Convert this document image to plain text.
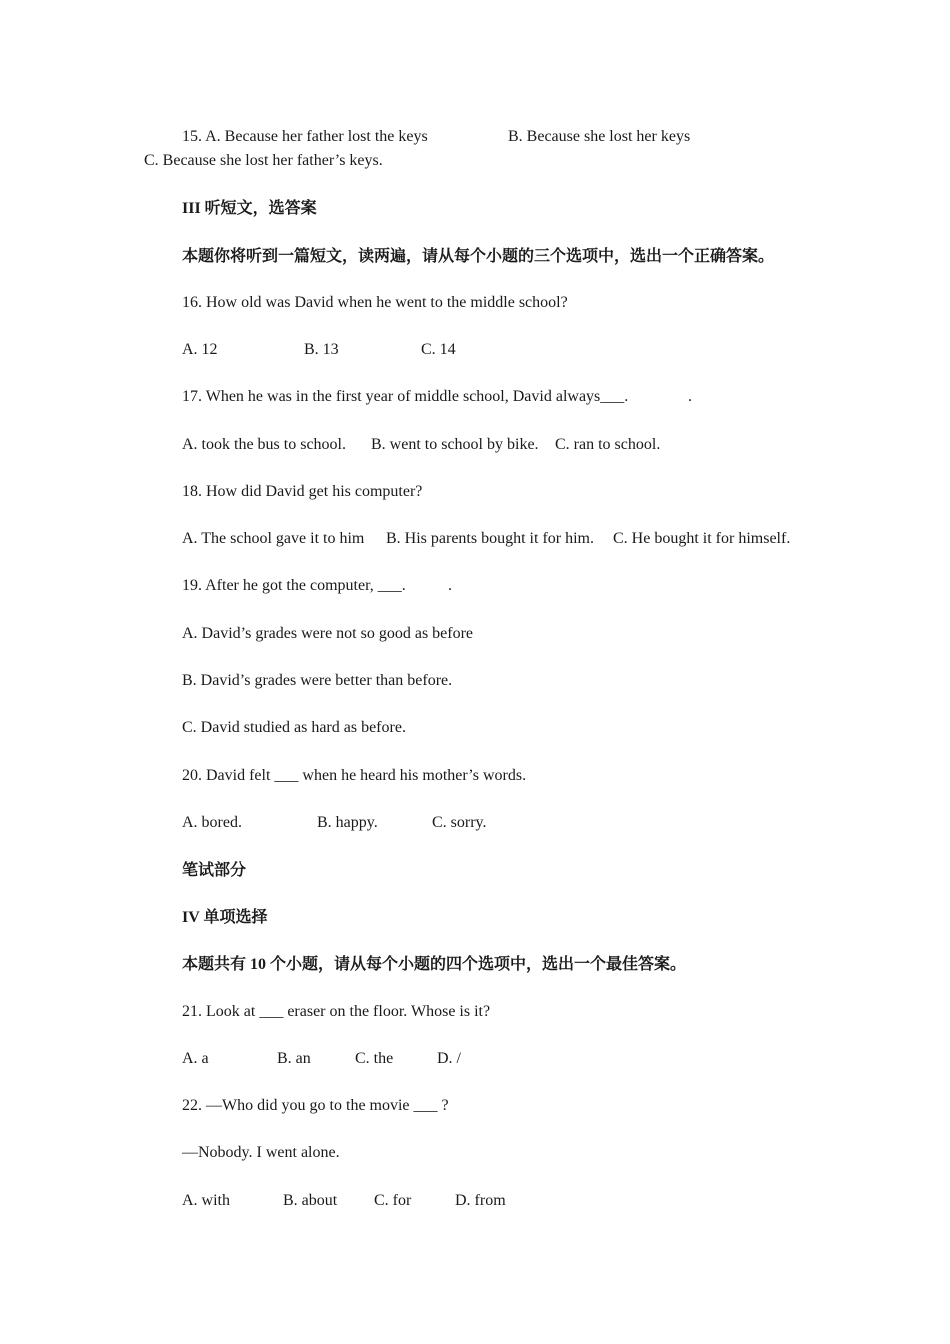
15. A. Because her father lost the keys	B. Because she lost her keys
C. Because she lost her father’s keys.
III 听短文，选答案
本题你将听到一篇短文，读两遍，请从每个小题的三个选项中，选出一个正确答案。
16. How old was David when he went to the middle school?
A. 12	B. 13	C. 14
17. When he was in the first year of middle school, David always___.	.
A. took the bus to school. B. went to school by bike. C. ran to school.
18. How did David get his computer?
A. The school gave it to him B. His parents bought it for him. C. He bought it for himself.
19. After he got the computer, ___.	.
A. David’s grades were not so good as before
B. David’s grades were better than before.
C. David studied as hard as before.
20. David felt ___ when he heard his mother’s words.
A. bored.	B. happy.	C. sorry.
笔试部分
IV 单项选择
本题共有 10 个小题，请从每个小题的四个选项中，选出一个最佳答案。
21. Look at ___ eraser on the floor. Whose is it?
A. a	B. an	C. the	D. /
22. —Who did you go to the movie ___ ?
—Nobody. I went alone.
A. with	B. about C. for	D. from
